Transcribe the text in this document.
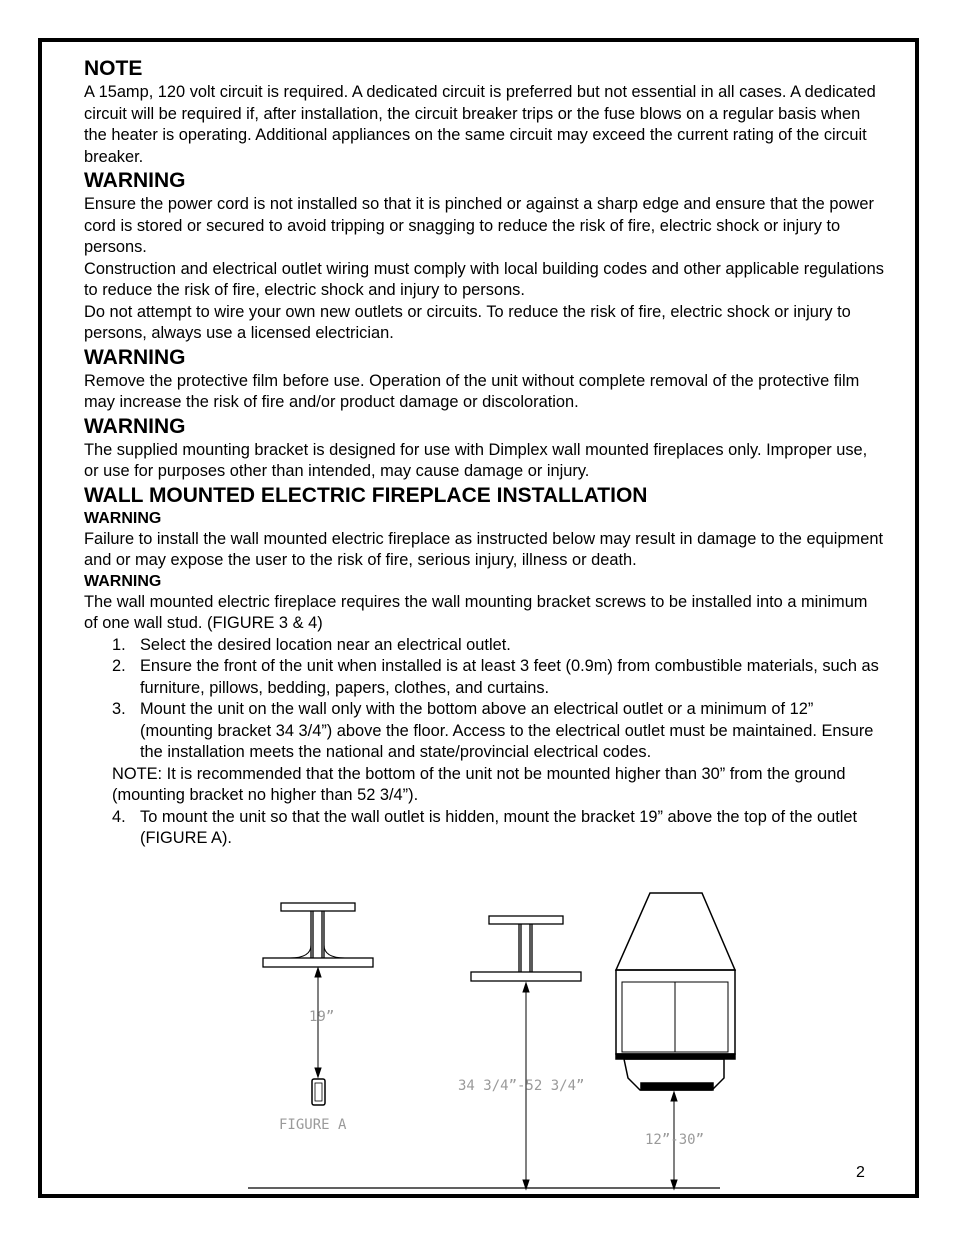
NOTE

A 15amp, 120 volt circuit is required. A dedicated circuit is preferred but not essential in all cases. A dedicated circuit will be required if, after installation, the circuit breaker trips or the fuse blows on a regular basis when the heater is operating. Additional appliances on the same circuit may exceed the current rating of the circuit breaker.

WARNING

Ensure the power cord is not installed so that it is pinched or against a sharp edge and ensure that the power cord is stored or secured to avoid tripping or snagging to reduce the risk of fire, electric shock or injury to persons.

Construction and electrical outlet wiring must comply with local building codes and other applicable regulations to reduce the risk of fire, electric shock and injury to persons.

Do not attempt to wire your own new outlets or circuits. To reduce the risk of fire, electric shock or injury to persons, always use a licensed electrician.

WARNING

Remove the protective film before use. Operation of the unit without complete removal of the protective film may increase the risk of fire and/or product damage or discoloration.

WARNING

The supplied mounting bracket is designed for use with Dimplex wall mounted fireplaces only. Improper use, or use for purposes other than intended, may cause damage or injury.

WALL MOUNTED ELECTRIC FIREPLACE INSTALLATION
WARNING

Failure to install the wall mounted electric fireplace as instructed below may result in damage to the equipment and or may expose the user to the risk of fire, serious injury, illness or death.

WARNING

The wall mounted electric fireplace requires the wall mounting bracket screws to be installed into a minimum of one wall stud. (FIGURE 3 & 4)

1. Select the desired location near an electrical outlet.
2. Ensure the front of the unit when installed is at least 3 feet (0.9m) from combustible materials, such as furniture, pillows, bedding, papers, clothes, and curtains.
3. Mount the unit on the wall only with the bottom above an electrical outlet or a minimum of 12” (mounting bracket 34 3/4”) above the floor. Access to the electrical outlet must be maintained. Ensure the installation meets the national and state/provincial electrical codes.
NOTE: It is recommended that the bottom of the unit not be mounted higher than 30” from the ground (mounting bracket no higher than 52 3/4”).
4. To mount the unit so that the wall outlet is hidden, mount the bracket 19” above the top of the outlet (FIGURE A).
19”
FIGURE A
34 3/4”-52 3/4”
12”-30”
2
